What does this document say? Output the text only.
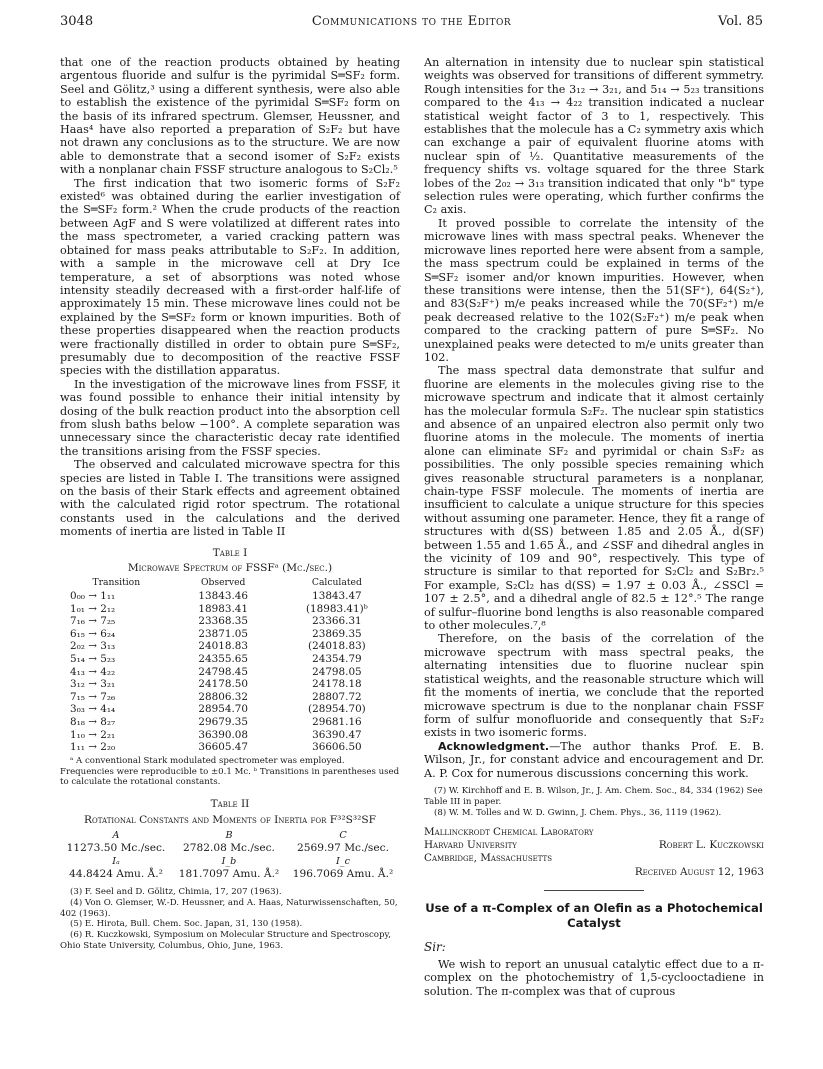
3048	Communications to the Editor	Vol. 85

that one of the reaction products obtained by heating argentous fluoride and sulfur is the pyrimidal S═SF₂ form. Seel and Gölitz,³ using a different synthesis, were also able to establish the existence of the pyrimidal S═SF₂ form on the basis of its infrared spectrum. Glemser, Heussner, and Haas⁴ have also reported a preparation of S₂F₂ but have not drawn any conclusions as to the structure. We are now able to demonstrate that a second isomer of S₂F₂ exists with a nonplanar chain FSSF structure analogous to S₂Cl₂.⁵

The first indication that two isomeric forms of S₂F₂ existed⁶ was obtained during the earlier investigation of the S═SF₂ form.² When the crude products of the reaction between AgF and S were volatilized at different rates into the mass spectrometer, a varied cracking pattern was obtained for mass peaks attributable to S₂F₂. In addition, with a sample in the microwave cell at Dry Ice temperature, a set of absorptions was noted whose intensity steadily decreased with a first-order half-life of approximately 15 min. These microwave lines could not be explained by the S═SF₂ form or known impurities. Both of these properties disappeared when the reaction products were fractionally distilled in order to obtain pure S═SF₂, presumably due to decomposition of the reactive FSSF species with the distillation apparatus.

In the investigation of the microwave lines from FSSF, it was found possible to enhance their initial intensity by dosing of the bulk reaction product into the absorption cell from slush baths below −100°. A complete separation was unnecessary since the characteristic decay rate identified the transitions arising from the FSSF species.

The observed and calculated microwave spectra for this species are listed in Table I. The transitions were assigned on the basis of their Stark effects and agreement obtained with the calculated rigid rotor spectrum. The rotational constants used in the calculations and the derived moments of inertia are listed in Table II

Table I
Microwave Spectrum of FSSFᵃ (Mc./sec.)
Transition	Observed	Calculated
0₀₀ → 1₁₁	13843.46	13843.47
1₀₁ → 2₁₂	18983.41	(18983.41)ᵇ
7₁₆ → 7₂₅	23368.35	23366.31
6₁₅ → 6₂₄	23871.05	23869.35
2₀₂ → 3₁₃	24018.83	(24018.83)
5₁₄ → 5₂₃	24355.65	24354.79
4₁₃ → 4₂₂	24798.45	24798.05
3₁₂ → 3₂₁	24178.50	24178.18
7₁₅ → 7₂₆	28806.32	28807.72
3₀₃ → 4₁₄	28954.70	(28954.70)
8₁₈ → 8₂₇	29679.35	29681.16
1₁₀ → 2₂₁	36390.08	36390.47
1₁₁ → 2₂₀	36605.47	36606.50
ᵃ A conventional Stark modulated spectrometer was employed. Frequencies were reproducible to ±0.1 Mc. ᵇ Transitions in parentheses used to calculate the rotational constants.
Table II
Rotational Constants and Moments of Inertia for F³²S³²SF
A	B	C
11273.50 Mc./sec.	2782.08 Mc./sec.	2569.97 Mc./sec.
Iₐ	I_b	I_c
44.8424 Amu. Å.²	181.7097 Amu. Å.²	196.7069 Amu. Å.²
(3) F. Seel and D. Gölitz, Chimia, 17, 207 (1963).
(4) Von O. Glemser, W.-D. Heussner, and A. Haas, Naturwissenschaften, 50, 402 (1963).
(5) E. Hirota, Bull. Chem. Soc. Japan, 31, 130 (1958).
(6) R. Kuczkowski, Symposium on Molecular Structure and Spectroscopy, Ohio State University, Columbus, Ohio, June, 1963.

An alternation in intensity due to nuclear spin statistical weights was observed for transitions of different symmetry. Rough intensities for the 3₁₂ → 3₂₁, and 5₁₄ → 5₂₃ transitions compared to the 4₁₃ → 4₂₂ transition indicated a nuclear statistical weight factor of 3 to 1, respectively. This establishes that the molecule has a C₂ symmetry axis which can exchange a pair of equivalent fluorine atoms with nuclear spin of ½. Quantitative measurements of the frequency shifts vs. voltage squared for the three Stark lobes of the 2₀₂ → 3₁₃ transition indicated that only "b" type selection rules were operating, which further confirms the C₂ axis.

It proved possible to correlate the intensity of the microwave lines with mass spectral peaks. Whenever the microwave lines reported here were absent from a sample, the mass spectrum could be explained in terms of the S═SF₂ isomer and/or known impurities. However, when these transitions were intense, then the 51(SF⁺), 64(S₂⁺), and 83(S₂F⁺) m/e peaks increased while the 70(SF₂⁺) m/e peak decreased relative to the 102(S₂F₂⁺) m/e peak when compared to the cracking pattern of pure S═SF₂. No unexplained peaks were detected to m/e units greater than 102.

The mass spectral data demonstrate that sulfur and fluorine are elements in the molecules giving rise to the microwave spectrum and indicate that it almost certainly has the molecular formula S₂F₂. The nuclear spin statistics and absence of an unpaired electron also permit only two fluorine atoms in the molecule. The moments of inertia alone can eliminate SF₂ and pyrimidal or chain S₃F₂ as possibilities. The only possible species remaining which gives reasonable structural parameters is a nonplanar, chain-type FSSF molecule. The moments of inertia are insufficient to calculate a unique structure for this species without assuming one parameter. Hence, they fit a range of structures with d(SS) between 1.85 and 2.05 Å., d(SF) between 1.55 and 1.65 Å., and ∠SSF and dihedral angles in the vicinity of 109 and 90°, respectively. This type of structure is similar to that reported for S₂Cl₂ and S₂Br₂.⁵ For example, S₂Cl₂ has d(SS) = 1.97 ± 0.03 Å., ∠SSCl = 107 ± 2.5°, and a dihedral angle of 82.5 ± 12°.⁵ The range of sulfur–fluorine bond lengths is also reasonable compared to other molecules.⁷,⁸

Therefore, on the basis of the correlation of the microwave spectrum with mass spectral peaks, the alternating intensities due to fluorine nuclear spin statistical weights, and the reasonable structure which will fit the moments of inertia, we conclude that the reported microwave spectrum is due to the nonplanar chain FSSF form of sulfur monofluoride and consequently that S₂F₂ exists in two isomeric forms.

Acknowledgment.—The author thanks Prof. E. B. Wilson, Jr., for constant advice and encouragement and Dr. A. P. Cox for numerous discussions concerning this work.

(7) W. Kirchhoff and E. B. Wilson, Jr., J. Am. Chem. Soc., 84, 334 (1962) See Table III in paper.
(8) W. M. Tolles and W. D. Gwinn, J. Chem. Phys., 36, 1119 (1962).
Mallinckrodt Chemical Laboratory
Harvard University
Cambridge, Massachusetts
Robert L. Kuczkowski
Received August 12, 1963
Use of a π-Complex of an Olefin as a Photochemical Catalyst
Sir:

We wish to report an unusual catalytic effect due to a π-complex on the photochemistry of 1,5-cyclooctadiene in solution. The π-complex was that of cuprous
